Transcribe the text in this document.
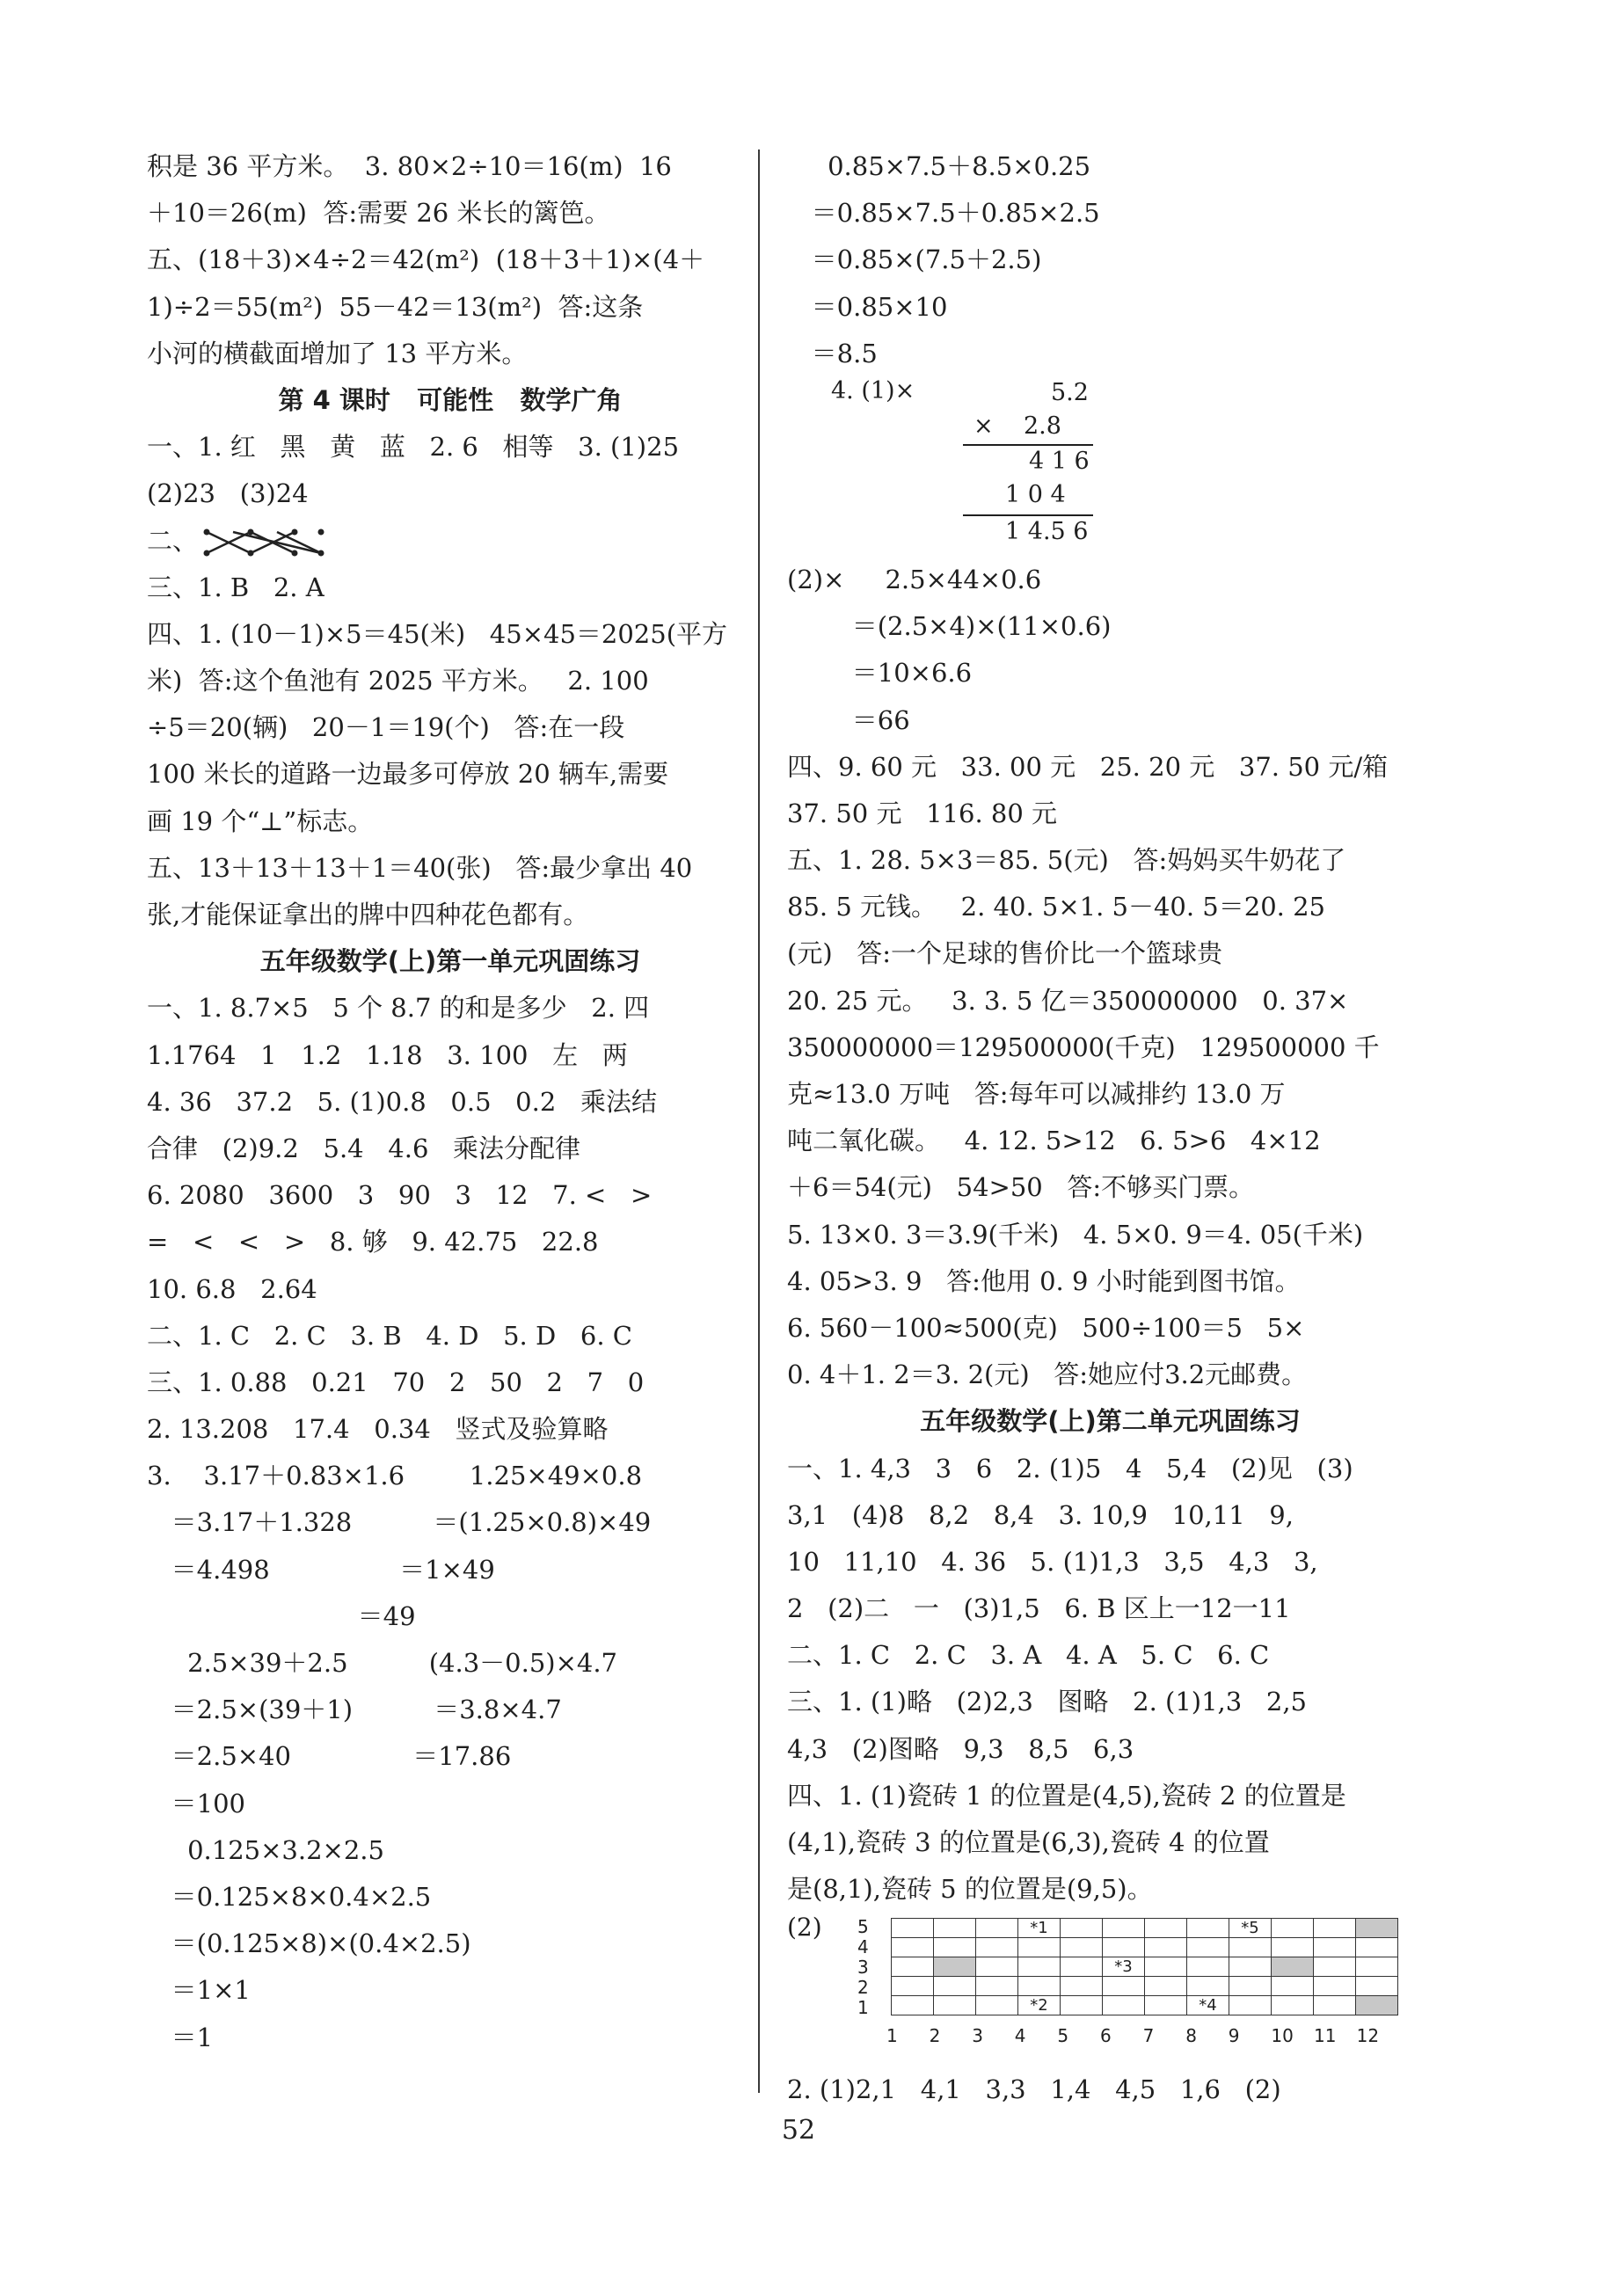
积是 36 平方米。  3. 80×2÷10＝16(m)  16
＋10＝26(m)  答:需要 26 米长的篱笆。
五、(18＋3)×4÷2＝42(m²)  (18＋3＋1)×(4＋
1)÷2＝55(m²)  55－42＝13(m²)  答:这条
小河的横截面增加了 13 平方米。
第 4 课时   可能性   数学广角
一、1. 红   黑   黄   蓝   2. 6   相等   3. (1)25
(2)23   (3)24
二、
三、1. B   2. A
四、1. (10－1)×5＝45(米)   45×45＝2025(平方
米)  答:这个鱼池有 2025 平方米。   2. 100
÷5＝20(辆)   20－1＝19(个)   答:在一段
100 米长的道路一边最多可停放 20 辆车,需要
画 19 个“⊥”标志。
五、13＋13＋13＋1＝40(张)   答:最少拿出 40
张,才能保证拿出的牌中四种花色都有。
五年级数学(上)第一单元巩固练习
一、1. 8.7×5   5 个 8.7 的和是多少   2. 四
1.1764   1   1.2   1.18   3. 100   左   两
4. 36   37.2   5. (1)0.8   0.5   0.2   乘法结
合律   (2)9.2   5.4   4.6   乘法分配律
6. 2080   3600   3   90   3   12   7. <   >
=   <   <   >   8. 够   9. 42.75   22.8
10. 6.8   2.64
二、1. C   2. C   3. B   4. D   5. D   6. C
三、1. 0.88   0.21   70   2   50   2   7   0
2. 13.208   17.4   0.34   竖式及验算略
3.    3.17＋0.83×1.6        1.25×49×0.8
＝3.17＋1.328          ＝(1.25×0.8)×49
＝4.498                ＝1×49
＝49
2.5×39＋2.5          (4.3－0.5)×4.7
＝2.5×(39＋1)          ＝3.8×4.7
＝2.5×40               ＝17.86
＝100
0.125×3.2×2.5
＝0.125×8×0.4×2.5
＝(0.125×8)×(0.4×2.5)
＝1×1
＝1
0.85×7.5＋8.5×0.25
＝0.85×7.5＋0.85×2.5
＝0.85×(7.5＋2.5)
＝0.85×10
＝8.5
4. (1)×	5.2
×    2.8
4 1 6
1 0 4
1 4.5 6
(2)×     2.5×44×0.6
＝(2.5×4)×(11×0.6)
＝10×6.6
＝66
四、9. 60 元   33. 00 元   25. 20 元   37. 50 元/箱
37. 50 元   116. 80 元
五、1. 28. 5×3＝85. 5(元)   答:妈妈买牛奶花了
85. 5 元钱。   2. 40. 5×1. 5－40. 5＝20. 25
(元)   答:一个足球的售价比一个篮球贵
20. 25 元。   3. 3. 5 亿＝350000000   0. 37×
350000000＝129500000(千克)   129500000 千
克≈13.0 万吨   答:每年可以减排约 13.0 万
吨二氧化碳。   4. 12. 5>12   6. 5>6   4×12
＋6＝54(元)   54>50   答:不够买门票。
5. 13×0. 3＝3.9(千米)   4. 5×0. 9＝4. 05(千米)
4. 05>3. 9   答:他用 0. 9 小时能到图书馆。
6. 560－100≈500(克)   500÷100＝5   5×
0. 4＋1. 2＝3. 2(元)   答:她应付3.2元邮费。
五年级数学(上)第二单元巩固练习
一、1. 4,3   3   6   2. (1)5   4   5,4   (2)见   (3)
3,1   (4)8   8,2   8,4   3. 10,9   10,11   9,
10   11,10   4. 36   5. (1)1,3   3,5   4,3   3,
2   (2)二   一   (3)1,5   6. B 区上一12一11
二、1. C   2. C   3. A   4. A   5. C   6. C
三、1. (1)略   (2)2,3   图略   2. (1)1,3   2,5
4,3   (2)图略   9,3   8,5   6,3
四、1. (1)瓷砖 1 的位置是(4,5),瓷砖 2 的位置是
(4,1),瓷砖 3 的位置是(6,3),瓷砖 4 的位置
是(8,1),瓷砖 5 的位置是(9,5)。
(2) 5
4
3
2
1
			*1					*5			

					*3						

			*2				*4				
1 2 3 4 5 6 7 8 9 10 11 12
2. (1)2,1   4,1   3,3   1,4   4,5   1,6   (2)
52
